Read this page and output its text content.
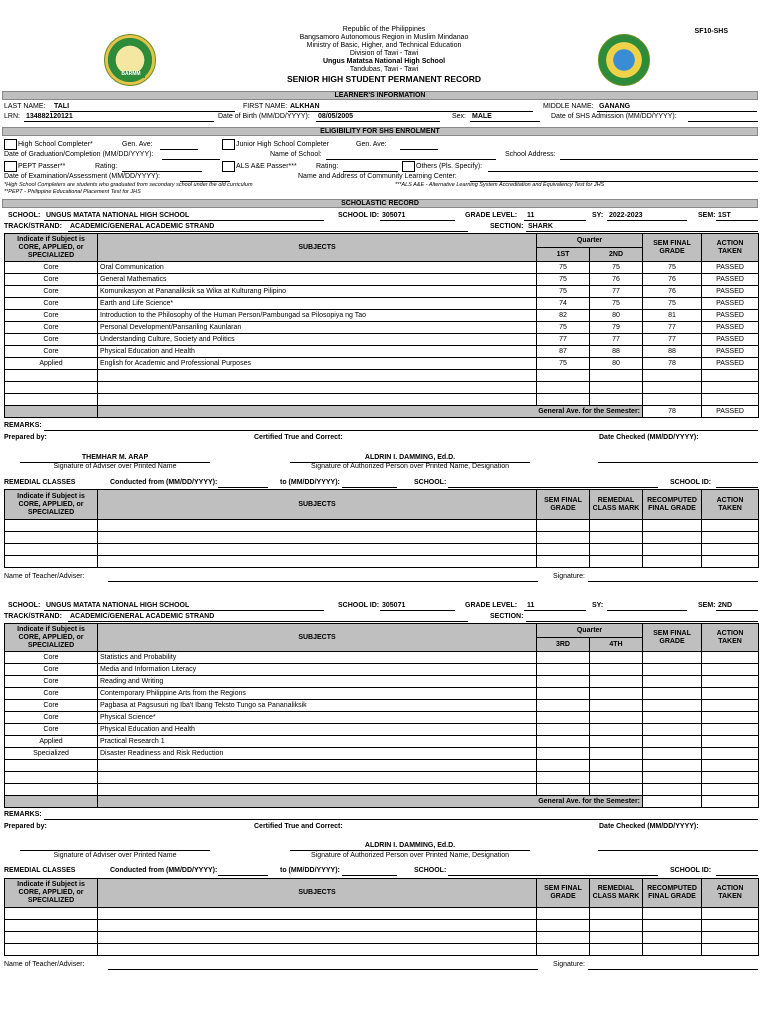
SF10-SHS
BARMM
Republic of the Philippines
Bangsamoro Autonomous Region in Muslim Mindanao
Ministry of Basic, Higher, and Technical Education
Division of Tawi - Tawi
Ungus Matatsa National High School
Tandubas, Tawi - Tawi
SENIOR HIGH STUDENT PERMANENT RECORD
LEARNER'S INFORMATION
LAST NAME: TALI	FIRST NAME: ALKHAN	MIDDLE NAME: GANANG
LRN: 134882120121	Date of Birth (MM/DD/YYYY): 08/05/2005	Sex: MALE	Date of SHS Admission (MM/DD/YYYY):
ELIGIBILITY FOR SHS ENROLMENT
High School Completer*	Gen. Ave:	Junior High School Completer	Gen. Ave:
Date of Graduation/Completion (MM/DD/YYYY):	Name of School:	School Address:
PEPT Passer**	Rating:	ALS A&E Passer***	Rating:	Others (Pls. Specify):
Date of Examination/Assessment (MM/DD/YYYY):	Name and Address of Community Learning Center:
*High School Completers are students who graduated from secondary school under the old curriculum
**PEPT - Philippine Educational Placement Test for JHS
***ALS A&E - Alternative Learning System Accreditation and Equivalency Test for JHS
SCHOLASTIC RECORD
SCHOOL: UNGUS MATATA NATIONAL HIGH SCHOOL	SCHOOL ID: 305071	GRADE LEVEL: 11	SY: 2022-2023	SEM: 1ST
TRACK/STRAND: ACADEMIC/GENERAL ACADEMIC STRAND	SECTION: SHARK
Indicate if Subject is CORE, APPLIED, or SPECIALIZED	SUBJECTS	Quarter		SEM FINAL GRADE	ACTION TAKEN
		1ST	2ND		
Core	Oral Communication	75	75	75	PASSED
Core	General Mathematics	75	76	76	PASSED
Core	Komunikasyon at Pananaliksik sa Wika at Kulturang Pilipino	75	77	76	PASSED
Core	Earth and Life Science*	74	75	75	PASSED
Core	Introduction to the Philosophy of the Human Person/Pambungad sa Pilosopiya ng Tao	82	80	81	PASSED
Core	Personal Development/Pansariling Kaunlaran	75	79	77	PASSED
Core	Understanding Culture, Society and Politics	77	77	77	PASSED
Core	Physical Education and Health	87	88	88	PASSED
Applied	English for Academic and Professional Purposes	75	80	78	PASSED

	General Ave. for the Semester:			78	PASSED
REMARKS:
Prepared by:	Certified True and Correct:	Date Checked (MM/DD/YYYY):
THEMHAR M. ARAP
Signature of Adviser over Printed Name
ALDRIN I. DAMMING, Ed.D.
Signature of Authorized Person over Printed Name, Designation
REMEDIAL CLASSES	Conducted from (MM/DD/YYYY):	to (MM/DD/YYYY):	SCHOOL:	SCHOOL ID:
Indicate if Subject is CORE, APPLIED, or SPECIALIZED	SUBJECTS	SEM FINAL GRADE	REMEDIAL CLASS MARK	RECOMPUTED FINAL GRADE	ACTION TAKEN

Name of Teacher/Adviser:	Signature:
SCHOOL: UNGUS MATATA NATIONAL HIGH SCHOOL	SCHOOL ID: 305071	GRADE LEVEL: 11	SY:	SEM: 2ND
TRACK/STRAND: ACADEMIC/GENERAL ACADEMIC STRAND	SECTION:
Indicate if Subject is CORE, APPLIED, or SPECIALIZED	SUBJECTS	Quarter		SEM FINAL GRADE	ACTION TAKEN
		3RD	4TH		
Core	Statistics and Probability				
Core	Media and Information Literacy				
Core	Reading and Writing				
Core	Contemporary Philippine Arts from the Regions				
Core	Pagbasa at Pagsusuri ng Iba't Ibang Teksto Tungo sa Pananaliksik				
Core	Physical Science*				
Core	Physical Education and Health				
Applied	Practical Research 1				
Specialized	Disaster Readiness and Risk Reduction				

	General Ave. for the Semester:				
REMARKS:
Prepared by:	Certified True and Correct:	Date Checked (MM/DD/YYYY):
Signature of Adviser over Printed Name
ALDRIN I. DAMMING, Ed.D.
Signature of Authorized Person over Printed Name, Designation
REMEDIAL CLASSES	Conducted from (MM/DD/YYYY):	to (MM/DD/YYYY):	SCHOOL:	SCHOOL ID:
Indicate if Subject is CORE, APPLIED, or SPECIALIZED	SUBJECTS	SEM FINAL GRADE	REMEDIAL CLASS MARK	RECOMPUTED FINAL GRADE	ACTION TAKEN

Name of Teacher/Adviser:	Signature:
